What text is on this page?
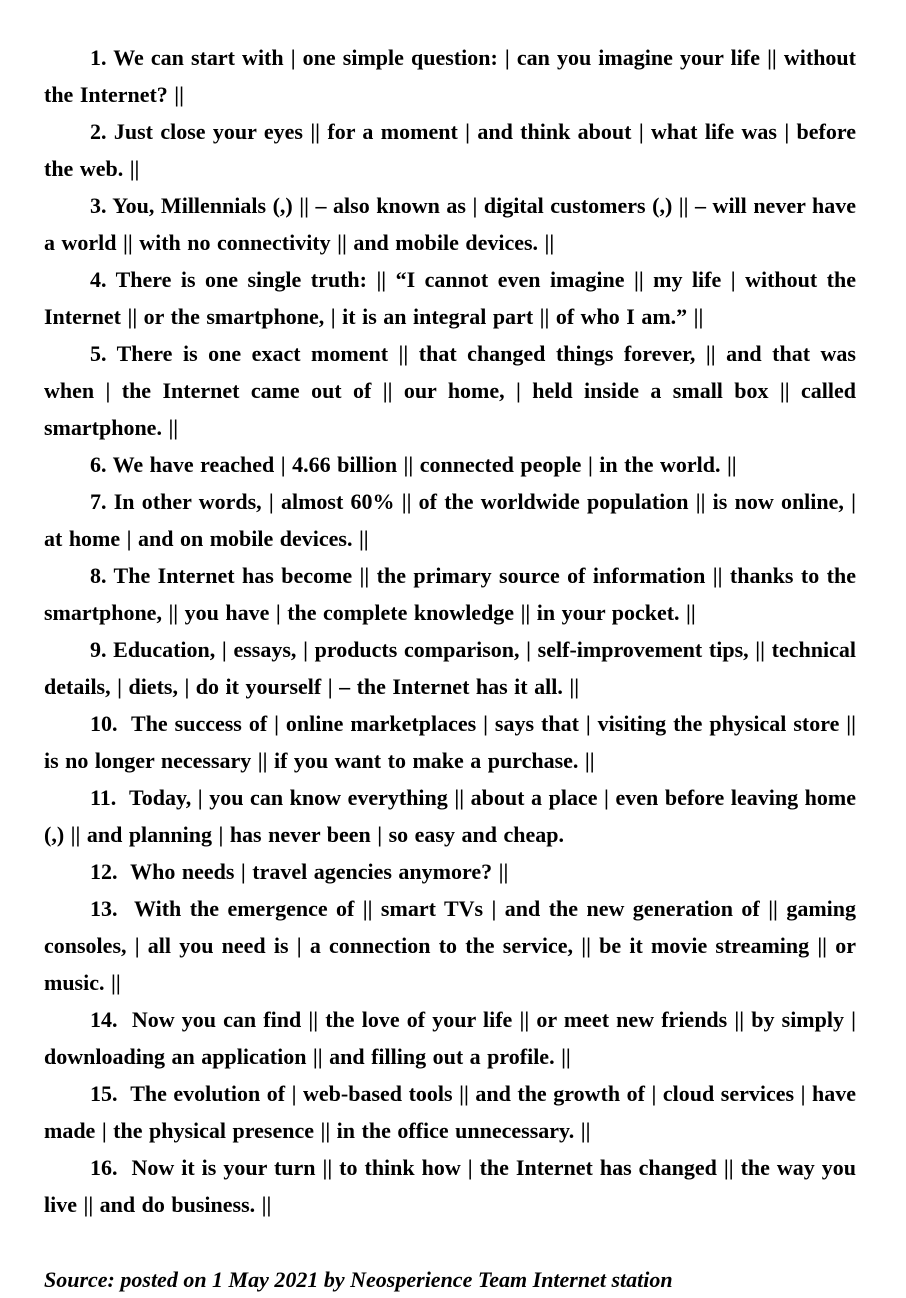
1. We can start with | one simple question: | can you imagine your life || without the Internet? ||

2. Just close your eyes || for a moment | and think about | what life was | before the web. ||

3. You, Millennials (,) || – also known as | digital customers (,) || – will never have a world || with no connectivity || and mobile devices. ||

4. There is one single truth: || “I cannot even imagine || my life | without the Internet || or the smartphone, | it is an integral part || of who I am.” ||

5. There is one exact moment || that changed things forever, || and that was when | the Internet came out of || our home, | held inside a small box || called smartphone. ||

6. We have reached | 4.66 billion || connected people | in the world. ||

7. In other words, | almost 60% || of the worldwide population || is now online, | at home | and on mobile devices. ||

8. The Internet has become || the primary source of information || thanks to the smartphone, || you have | the complete knowledge || in your pocket. ||

9. Education, | essays, | products comparison, | self-improvement tips, || technical details, | diets, | do it yourself | – the Internet has it all. ||

10.  The success of | online marketplaces | says that | visiting the physical store || is no longer necessary || if you want to make a purchase. ||

11.  Today, | you can know everything || about a place | even before leaving home (,) || and planning | has never been | so easy and cheap.

12.  Who needs | travel agencies anymore? ||

13.  With the emergence of || smart TVs | and the new generation of || gaming consoles, | all you need is | a connection to the service, || be it movie streaming || or music. ||

14.  Now you can find || the love of your life || or meet new friends || by simply | downloading an application || and filling out a profile. ||

15.  The evolution of | web-based tools || and the growth of | cloud services | have made | the physical presence || in the office unnecessary. ||

16.  Now it is your turn || to think how | the Internet has changed || the way you live || and do business. ||

Source: posted on 1 May 2021 by Neosperience Team Internet station
